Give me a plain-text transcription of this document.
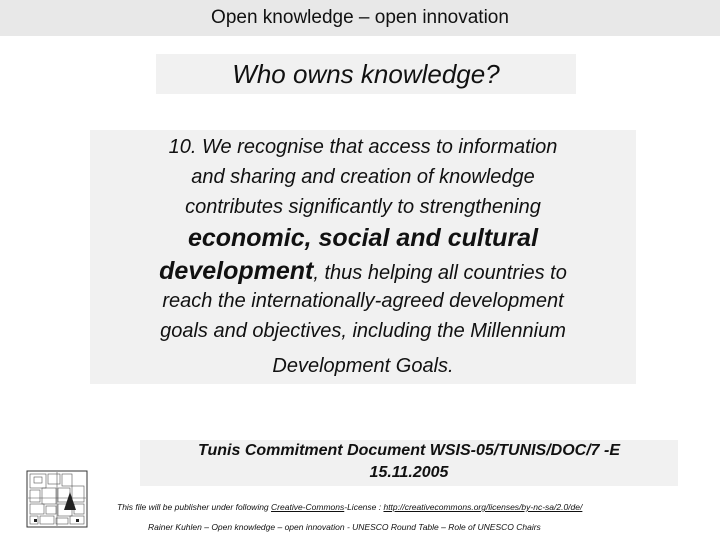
Open knowledge – open innovation
Who owns knowledge?
10. We recognise that access to information
and sharing and creation of knowledge
contributes significantly to strengthening
economic, social and cultural
development, thus helping all countries to
reach the internationally-agreed development
goals and objectives, including the Millennium
Development Goals.
Tunis Commitment Document WSIS-05/TUNIS/DOC/7 -E
15.11.2005
This file will be publisher under following Creative-Commons-License : http://creativecommons.org/licenses/by-nc-sa/2.0/de/
Rainer Kuhlen – Open knowledge – open innovation - UNESCO Round Table – Role of UNESCO Chairs
